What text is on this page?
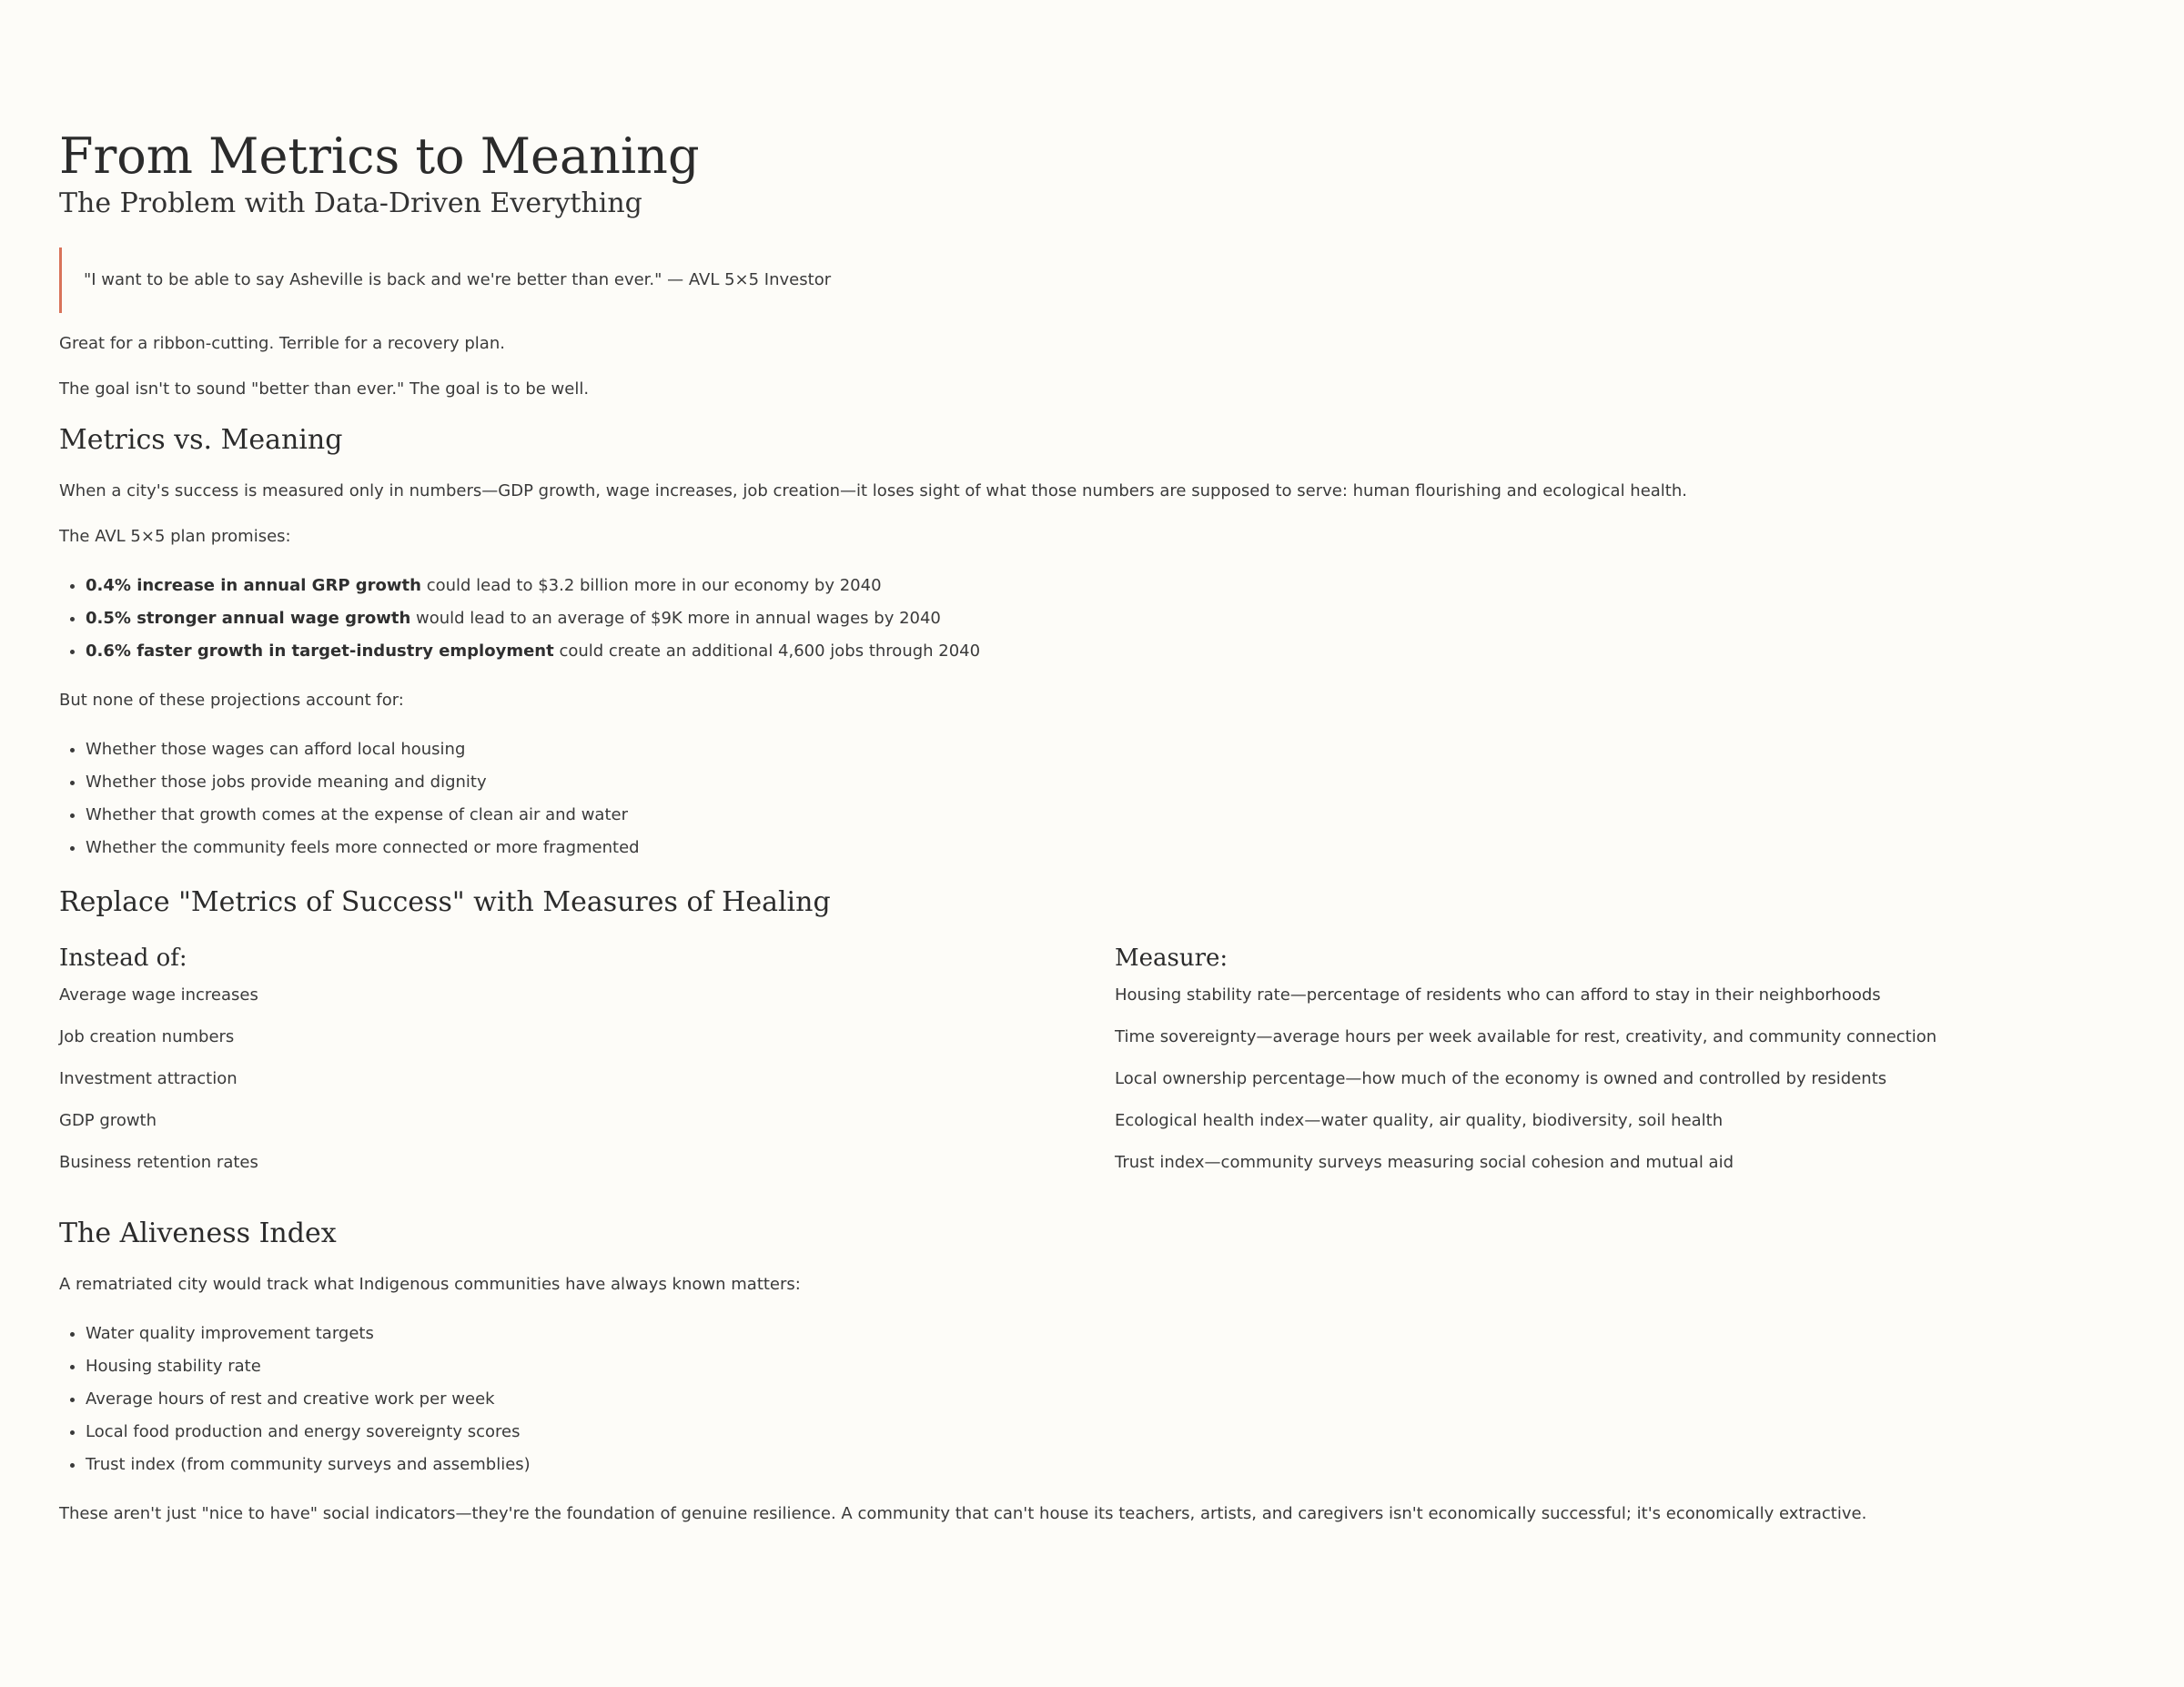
From Metrics to Meaning
The Problem with Data-Driven Everything
"I want to be able to say Asheville is back and we're better than ever." — AVL 5×5 Investor

Great for a ribbon-cutting. Terrible for a recovery plan.

The goal isn't to sound "better than ever." The goal is to be well.

Metrics vs. Meaning

When a city's success is measured only in numbers—GDP growth, wage increases, job creation—it loses sight of what those numbers are supposed to serve: human flourishing and ecological health.

The AVL 5×5 plan promises:

• 0.4% increase in annual GRP growth could lead to $3.2 billion more in our economy by 2040
• 0.5% stronger annual wage growth would lead to an average of $9K more in annual wages by 2040
• 0.6% faster growth in target-industry employment could create an additional 4,600 jobs through 2040

But none of these projections account for:

• Whether those wages can afford local housing
• Whether those jobs provide meaning and dignity
• Whether that growth comes at the expense of clean air and water
• Whether the community feels more connected or more fragmented
Replace "Metrics of Success" with Measures of Healing
Instead of:
Average wage increases
Job creation numbers
Investment attraction
GDP growth
Business retention rates
Measure:
Housing stability rate—percentage of residents who can afford to stay in their neighborhoods
Time sovereignty—average hours per week available for rest, creativity, and community connection
Local ownership percentage—how much of the economy is owned and controlled by residents
Ecological health index—water quality, air quality, biodiversity, soil health
Trust index—community surveys measuring social cohesion and mutual aid
The Aliveness Index

A rematriated city would track what Indigenous communities have always known matters:

• Water quality improvement targets
• Housing stability rate
• Average hours of rest and creative work per week
• Local food production and energy sovereignty scores
• Trust index (from community surveys and assemblies)

These aren't just "nice to have" social indicators—they're the foundation of genuine resilience. A community that can't house its teachers, artists, and caregivers isn't economically successful; it's economically extractive.
